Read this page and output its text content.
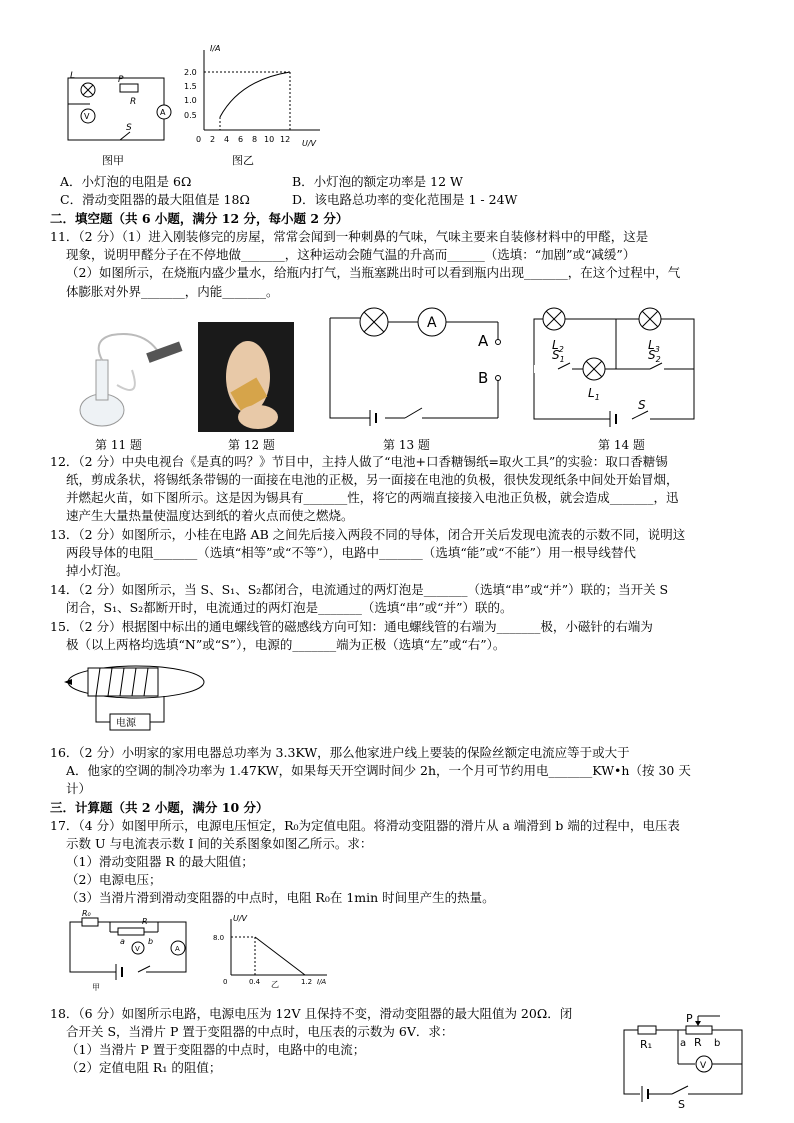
L	P
R
V	A
S
图甲
I/A
2.0
1.5
1.0
0.5
0 2 4 6 8 10 12 U/V
图乙
A．小灯泡的电阻是 6Ω	B．小灯泡的额定功率是 12 W
C．滑动变阻器的最大阻值是 18Ω	D．该电路总功率的变化范围是 1 - 24W
二．填空题（共 6 小题，满分 12 分，每小题 2 分）
11．（2 分）（1）进入刚装修完的房屋，常常会闻到一种刺鼻的气味，气味主要来自装修材料中的甲醛，这是
现象，说明甲醛分子在不停地做_______，这种运动会随气温的升高而______（选填：“加剧”或“减缓”）
（2）如图所示，在烧瓶内盛少量水，给瓶内打气，当瓶塞跳出时可以看到瓶内出现_______，在这个过程中，气
体膨胀对外界_______，内能_______。
A
A
B
$L_2$	$L_3$
$L_1$
$S_1$	$S_2$
S
第 11 题	第 12 题	第 13 题	第 14 题
12．（2 分）中央电视台《是真的吗？》节目中，主持人做了“电池+口香糖锡纸=取火工具”的实验：取口香糖锡
纸，剪成条状，将锡纸条带锡的一面接在电池的正极，另一面接在电池的负极，很快发现纸条中间处开始冒烟，
并燃起火苗，如下图所示。这是因为锡具有_______性，将它的两端直接接入电池正负极，就会造成_______，迅
速产生大量热量使温度达到纸的着火点而使之燃烧。
13．（2 分）如图所示，小桂在电路 AB 之间先后接入两段不同的导体，闭合开关后发现电流表的示数不同，说明这
两段导体的电阻_______（选填“相等”或“不等”），电路中_______（选填“能”或“不能”）用一根导线替代
掉小灯泡。
14．（2 分）如图所示，当 S、S₁、S₂都闭合，电流通过的两灯泡是_______（选填“串”或“并”）联的；当开关 S
闭合，S₁、S₂都断开时，电流通过的两灯泡是_______（选填“串”或“并”）联的。
15．（2 分）根据图中标出的通电螺线管的磁感线方向可知：通电螺线管的右端为_______极，小磁针的右端为
极（以上两格均选填“N”或“S”），电源的_______端为正极（选填“左”或“右”）。
电源
16．（2 分）小明家的家用电器总功率为 3.3KW，那么他家进户线上要装的保险丝额定电流应等于或大于
A．他家的空调的制冷功率为 1.47KW，如果每天开空调时间少 2h，一个月可节约用电_______KW•h（按 30 天
计）
三．计算题（共 2 小题，满分 10 分）
17．（4 分）如图甲所示，电源电压恒定，R₀为定值电阻。将滑动变阻器的滑片从 a 端滑到 b 端的过程中，电压表
示数 U 与电流表示数 I 间的关系图象如图乙所示。求：
（1）滑动变阻器 R 的最大阻值；
（2）电源电压；
（3）当滑片滑到滑动变阻器的中点时，电阻 R₀在 1min 时间里产生的热量。
R₀
R
a	b
V	A
甲
U/V
8.0
0	0.4	1.2 I/A
乙
18．（6 分）如图所示电路，电源电压为 12V 且保持不变，滑动变阻器的最大阻值为 20Ω．闭
合开关 S，当滑片 P 置于变阻器的中点时，电压表的示数为 6V．求：
（1）当滑片 P 置于变阻器的中点时，电路中的电流；
（2）定值电阻 R₁ 的阻值；
P
R₁	a R b
V
S
